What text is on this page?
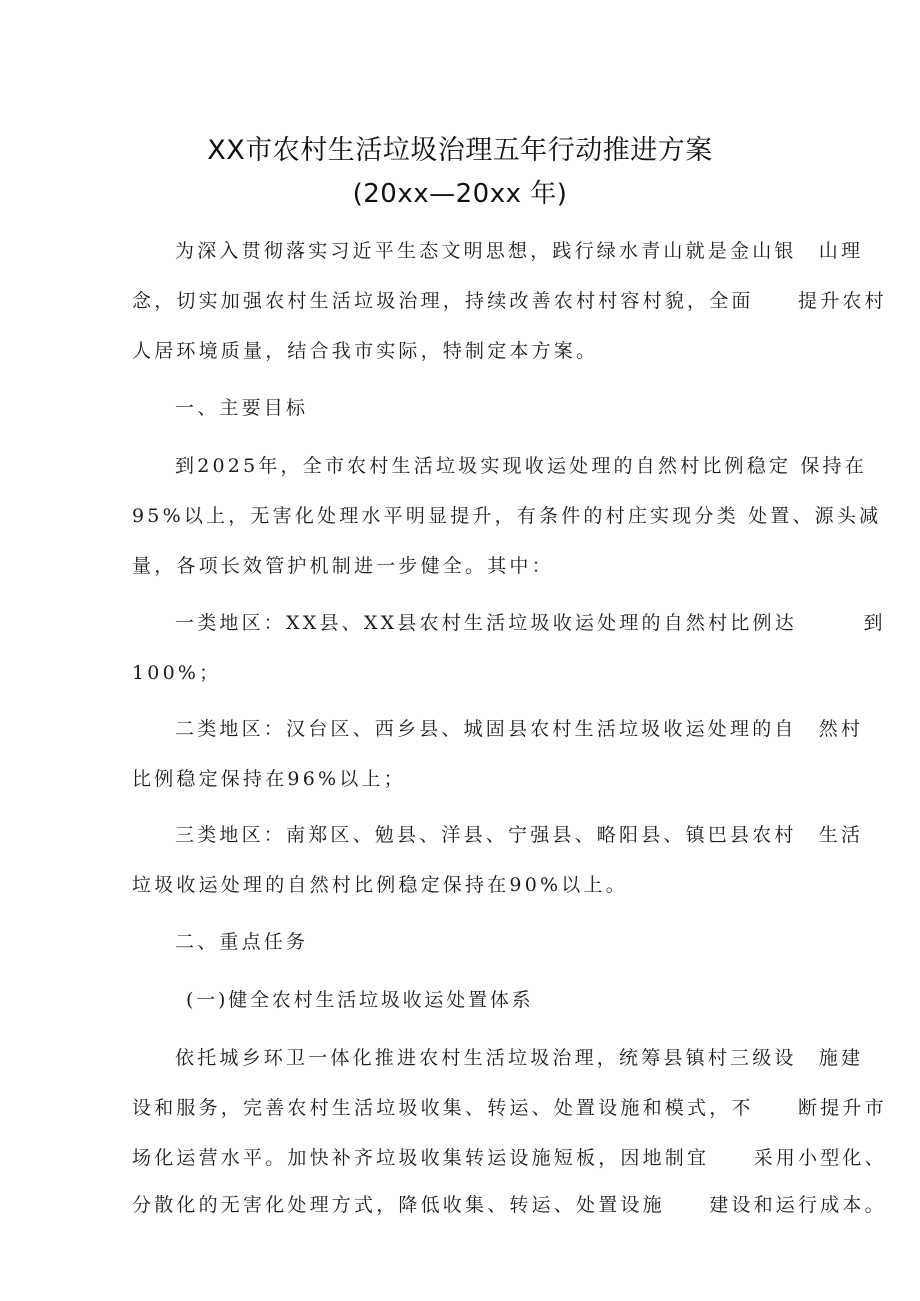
XX市农村生活垃圾治理五年行动推进方案
(20xx—20xx 年)
为深入贯彻落实习近平生态文明思想，践行绿水青山就是金山银　山理
念，切实加强农村生活垃圾治理，持续改善农村村容村貌，全面　　提升农村
人居环境质量，结合我市实际，特制定本方案。
一、主要目标
到2025年，全市农村生活垃圾实现收运处理的自然村比例稳定 保持在
95%以上，无害化处理水平明显提升，有条件的村庄实现分类 处置、源头减
量，各项长效管护机制进一步健全。其中：
一类地区：XX县、XX县农村生活垃圾收运处理的自然村比例达　　　到
100%；
二类地区：汉台区、西乡县、城固县农村生活垃圾收运处理的自　然村
比例稳定保持在96%以上；
三类地区：南郑区、勉县、洋县、宁强县、略阳县、镇巴县农村　生活
垃圾收运处理的自然村比例稳定保持在90%以上。
二、重点任务
(一)健全农村生活垃圾收运处置体系
依托城乡环卫一体化推进农村生活垃圾治理，统筹县镇村三级设　施建
设和服务，完善农村生活垃圾收集、转运、处置设施和模式，不　　断提升市
场化运营水平。加快补齐垃圾收集转运设施短板，因地制宜　　采用小型化、
分散化的无害化处理方式，降低收集、转运、处置设施　　建设和运行成本。
